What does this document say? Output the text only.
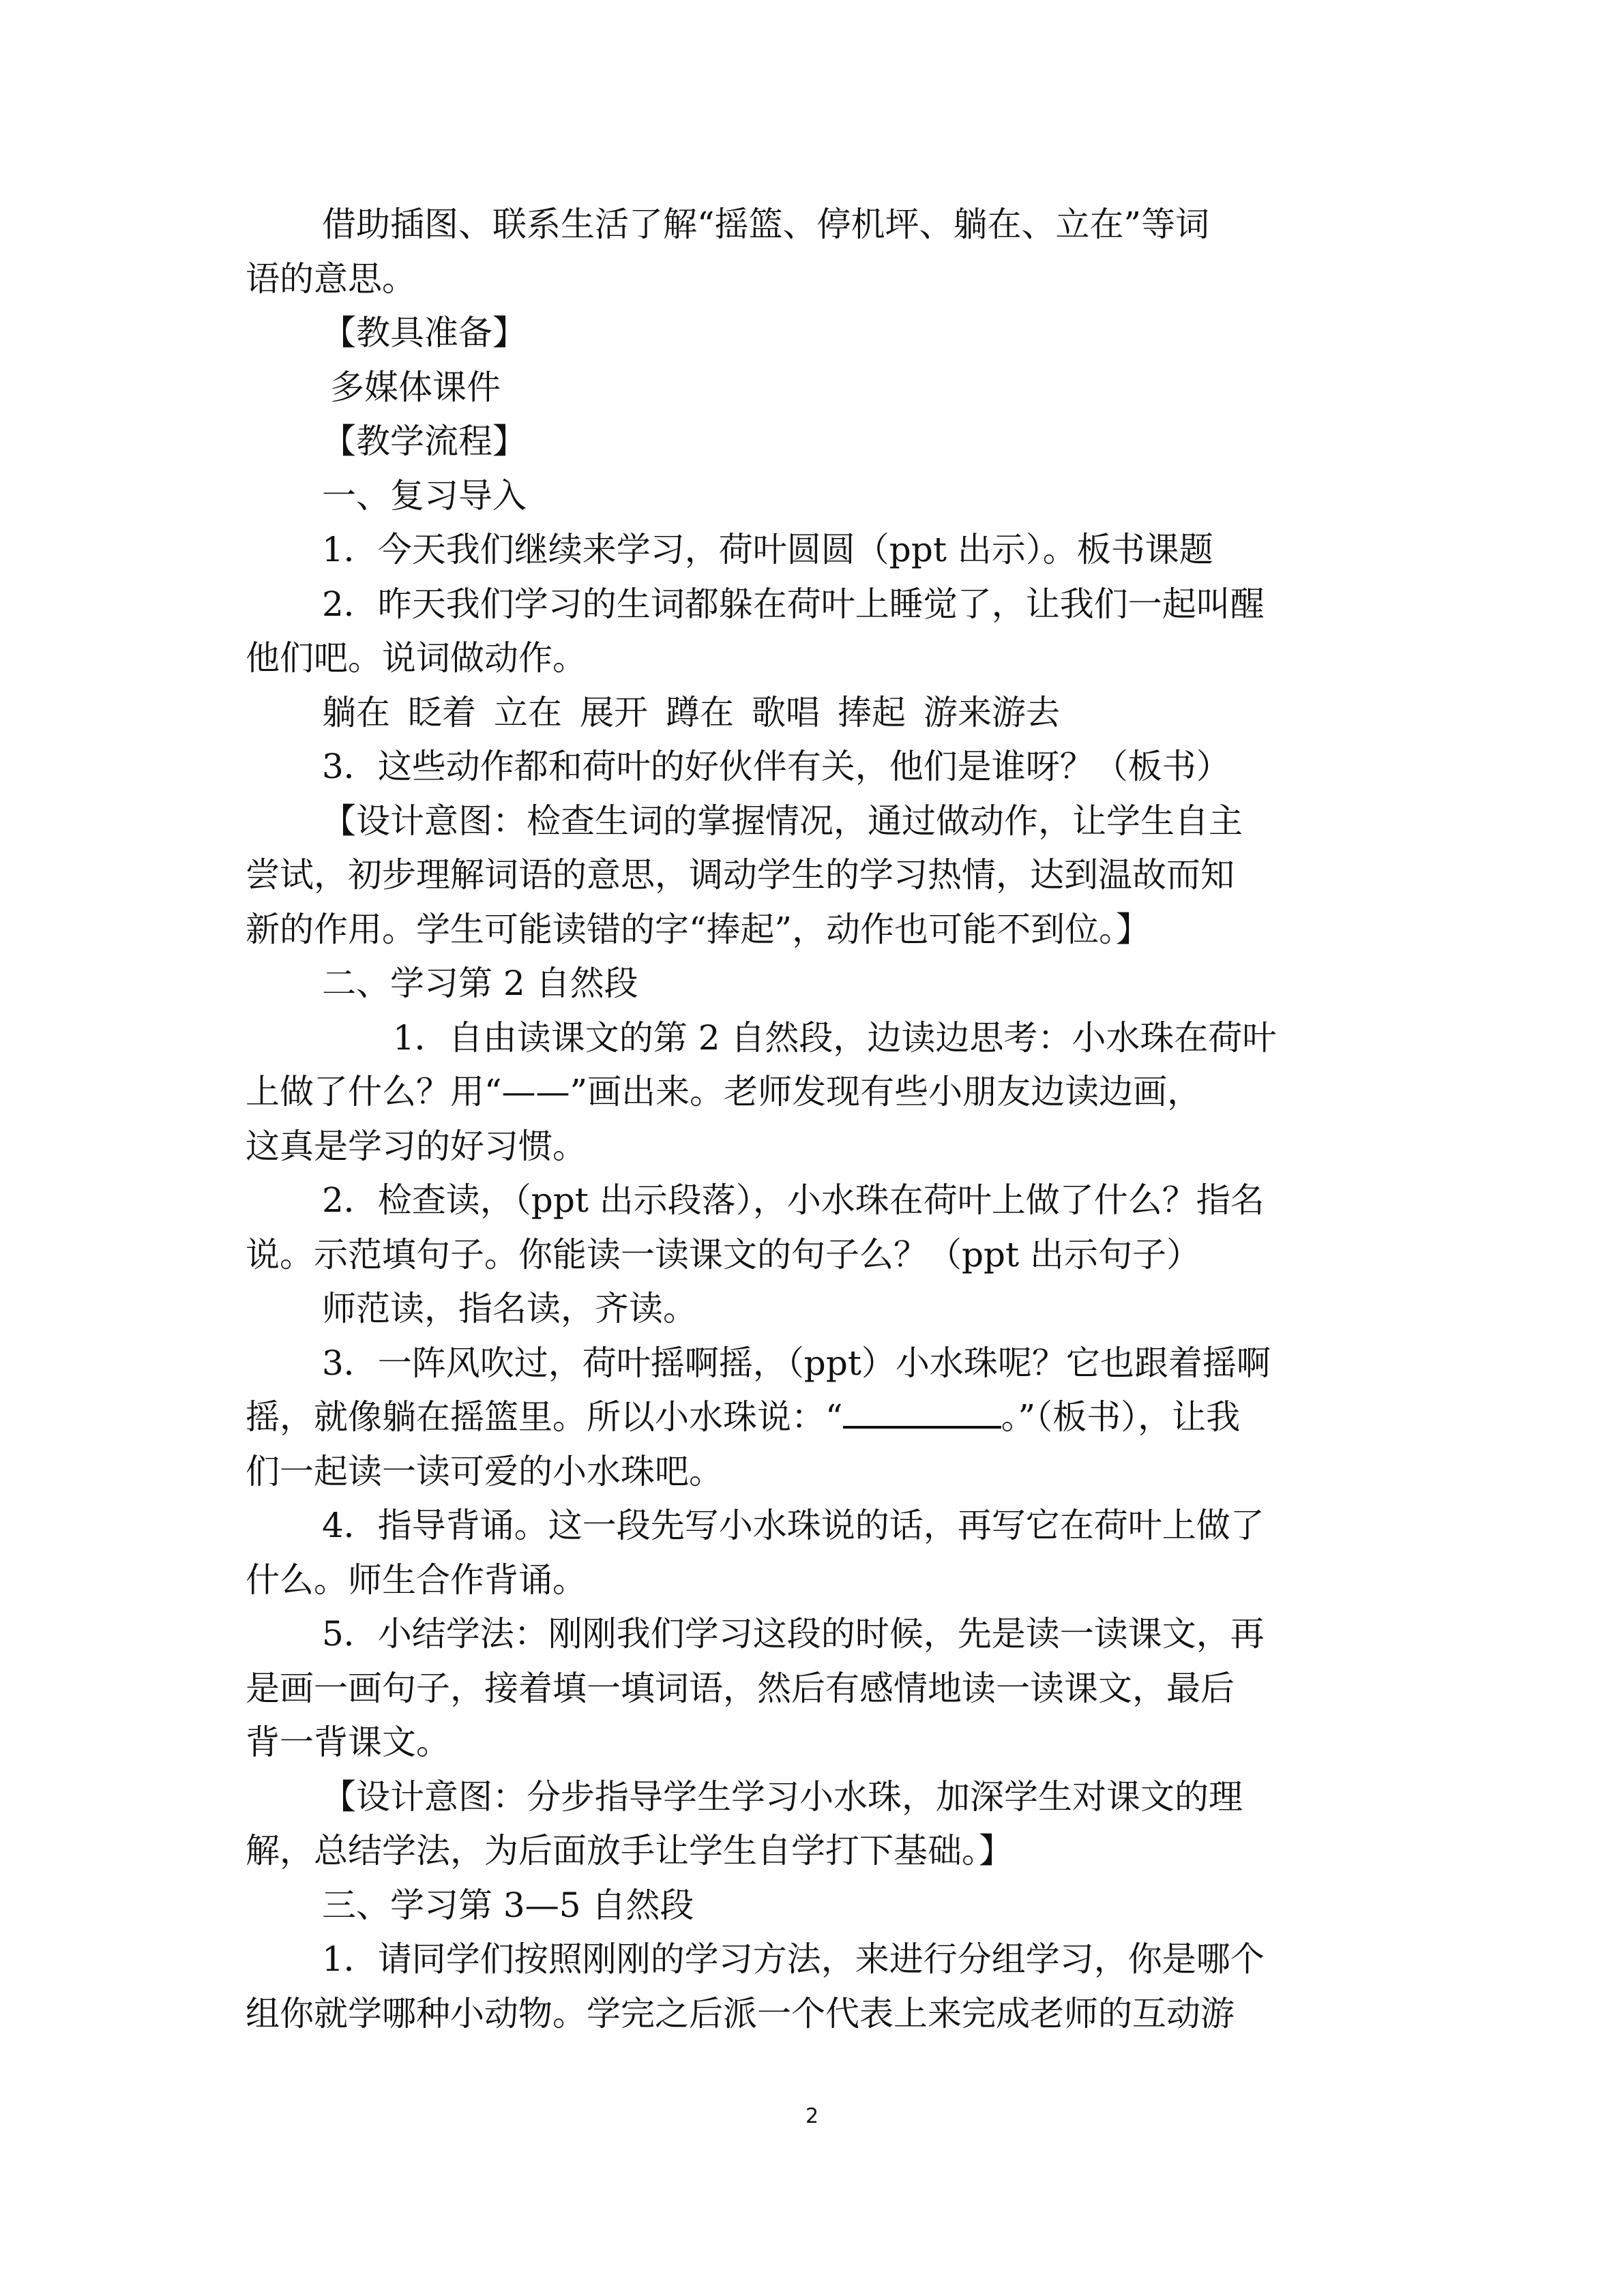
借助插图、联系生活了解“摇篮、停机坪、躺在、立在”等词

语的意思。

【教具准备】

多媒体课件

【教学流程】

一、复习导入

1．今天我们继续来学习，荷叶圆圆（ppt 出示）。板书课题

2．昨天我们学习的生词都躲在荷叶上睡觉了，让我们一起叫醒

他们吧。说词做动作。

躺在 眨着 立在 展开 蹲在 歌唱 捧起 游来游去

3．这些动作都和荷叶的好伙伴有关，他们是谁呀？（板书）

【设计意图：检查生词的掌握情况，通过做动作，让学生自主

尝试，初步理解词语的意思，调动学生的学习热情，达到温故而知

新的作用。学生可能读错的字“捧起”，动作也可能不到位。】

二、学习第 2 自然段

1．自由读课文的第 2 自然段，边读边思考：小水珠在荷叶

上做了什么？用“——”画出来。老师发现有些小朋友边读边画，

这真是学习的好习惯。

2．检查读，（ppt 出示段落），小水珠在荷叶上做了什么？指名

说。示范填句子。你能读一读课文的句子么？（ppt 出示句子）

师范读，指名读，齐读。

3．一阵风吹过，荷叶摇啊摇，（ppt）小水珠呢？它也跟着摇啊

摇，就像躺在摇篮里。所以小水珠说：“	。”（板书），让我

们一起读一读可爱的小水珠吧。

4．指导背诵。这一段先写小水珠说的话，再写它在荷叶上做了

什么。师生合作背诵。

5．小结学法：刚刚我们学习这段的时候，先是读一读课文，再

是画一画句子，接着填一填词语，然后有感情地读一读课文，最后

背一背课文。

【设计意图：分步指导学生学习小水珠，加深学生对课文的理

解，总结学法，为后面放手让学生自学打下基础。】

三、学习第 3—5 自然段

1．请同学们按照刚刚的学习方法，来进行分组学习，你是哪个

组你就学哪种小动物。学完之后派一个代表上来完成老师的互动游

2
